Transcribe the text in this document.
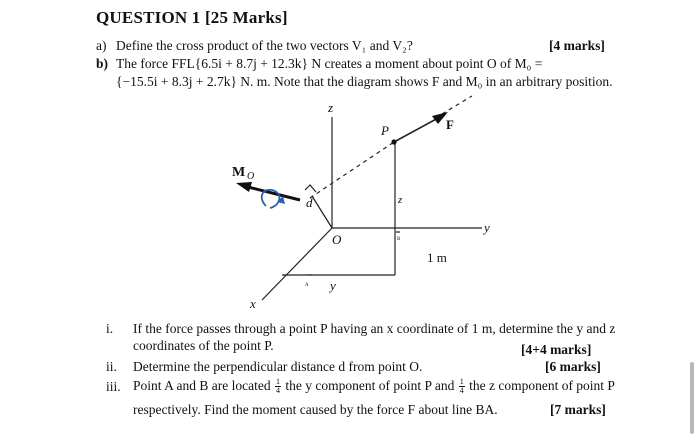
QUESTION 1 [25 Marks]
a) Define the cross product of the two vectors V₁ and V₂?	[4 marks]
b) The force FFL{6.5i + 8.7j + 12.3k} N creates a moment about point O of M₀ =
{−15.5i + 8.3j + 2.7k} N. m. Note that the diagram shows F and M₀ in an arbitrary position.
z
P	F
M O
d	z
O
y
1 m
y
x
A
B
i. If the force passes through a point P having an x coordinate of 1 m, determine the y and z
coordinates of the point P.	[4+4 marks]
ii. Determine the perpendicular distance d from point O.	[6 marks]
iii. Point A and B are located $\frac{1}{4}$ the y component of point P and $\frac{1}{4}$ the z component of point P
respectively. Find the moment caused by the force F about line BA.	[7 marks]
